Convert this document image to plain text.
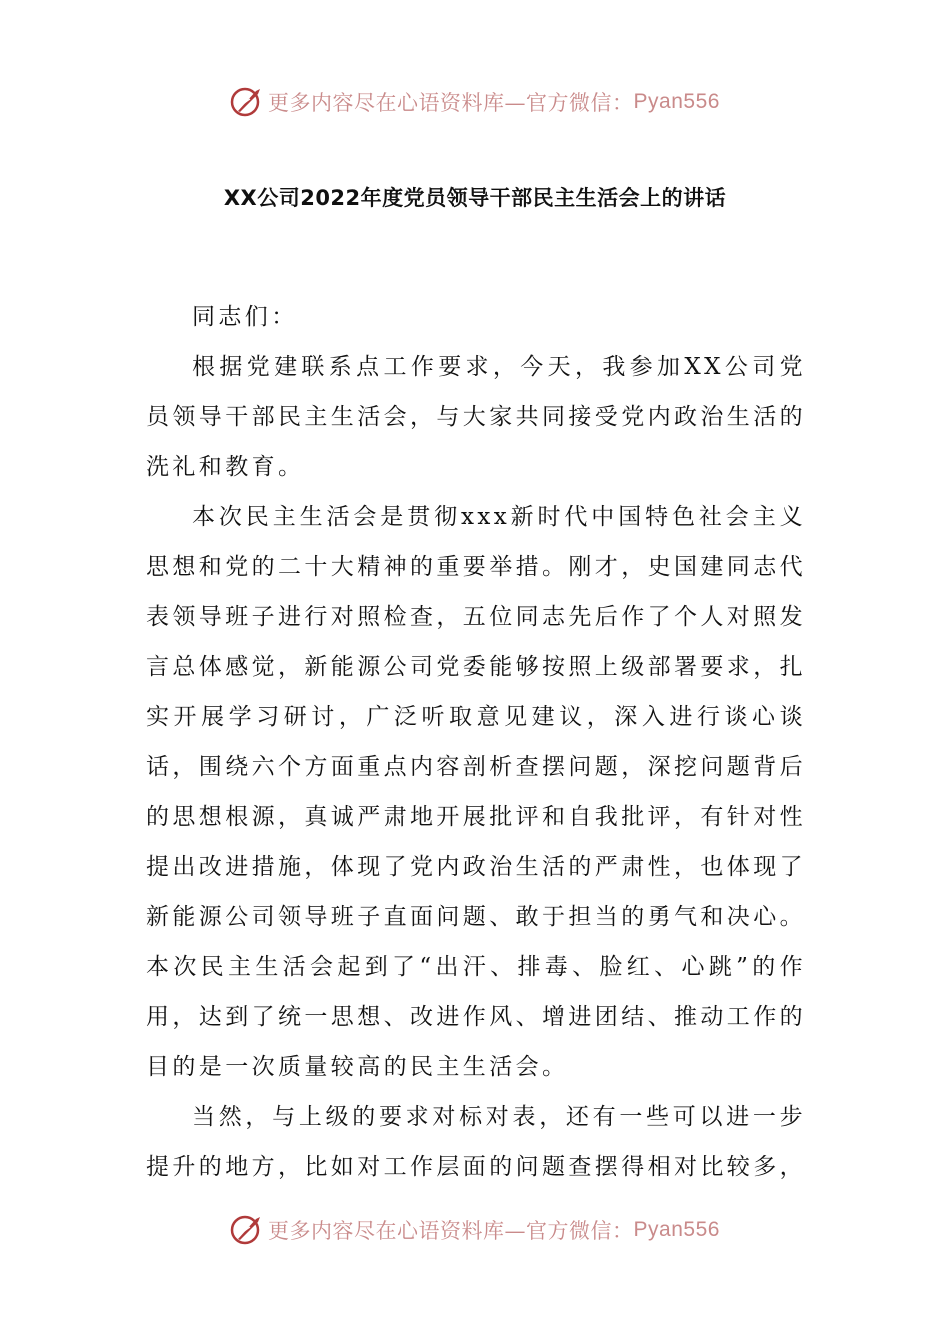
更多内容尽在心语资料库—官方微信： Pyan556
XX公司2022年度党员领导干部民主生活会上的讲话

同志们：

根据党建联系点工作要求，今天，我参加XX公司党员领导干部民主生活会，与大家共同接受党内政治生活的洗礼和教育。

本次民主生活会是贯彻xxx新时代中国特色社会主义思想和党的二十大精神的重要举措。刚才，史国建同志代表领导班子进行对照检查，五位同志先后作了个人对照发言总体感觉，新能源公司党委能够按照上级部署要求，扎实开展学习研讨，广泛听取意见建议，深入进行谈心谈话，围绕六个方面重点内容剖析查摆问题，深挖问题背后的思想根源，真诚严肃地开展批评和自我批评，有针对性提出改进措施，体现了党内政治生活的严肃性，也体现了新能源公司领导班子直面问题、敢于担当的勇气和决心。本次民主生活会起到了“出汗、排毒、脸红、心跳”的作用，达到了统一思想、改进作风、增进团结、推动工作的目的是一次质量较高的民主生活会。

当然，与上级的要求对标对表，还有一些可以进一步提升的地方，比如对工作层面的问题查摆得相对比较多，

更多内容尽在心语资料库—官方微信： Pyan556
